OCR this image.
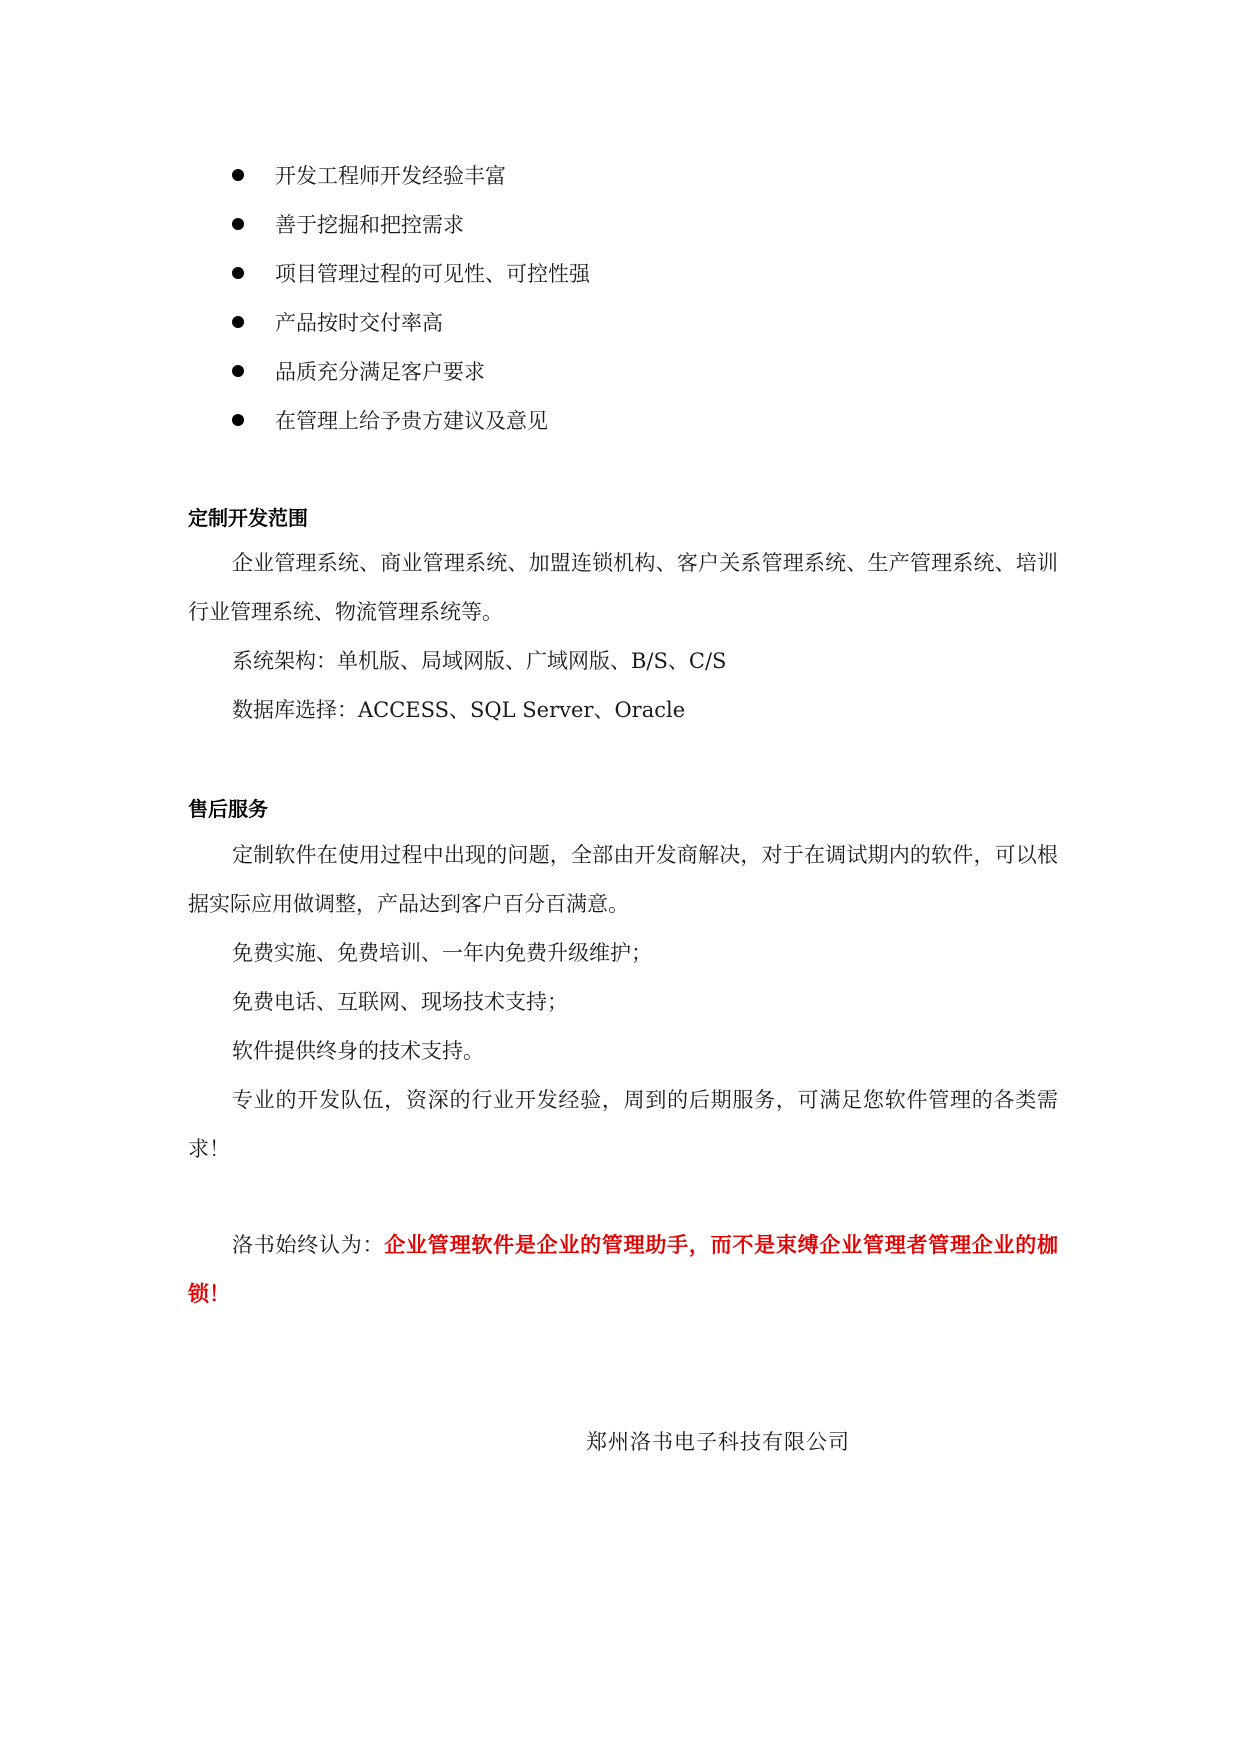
开发工程师开发经验丰富
善于挖掘和把控需求
项目管理过程的可见性、可控性强
产品按时交付率高
品质充分满足客户要求
在管理上给予贵方建议及意见
定制开发范围

企业管理系统、商业管理系统、加盟连锁机构、客户关系管理系统、生产管理系统、培训行业管理系统、物流管理系统等。

系统架构：单机版、局域网版、广域网版、B/S、C/S

数据库选择：ACCESS、SQL Server、Oracle

售后服务

定制软件在使用过程中出现的问题，全部由开发商解决，对于在调试期内的软件，可以根据实际应用做调整，产品达到客户百分百满意。

免费实施、免费培训、一年内免费升级维护；

免费电话、互联网、现场技术支持；

软件提供终身的技术支持。

专业的开发队伍，资深的行业开发经验，周到的后期服务，可满足您软件管理的各类需求！

洛书始终认为：企业管理软件是企业的管理助手，而不是束缚企业管理者管理企业的枷锁！

郑州洛书电子科技有限公司
